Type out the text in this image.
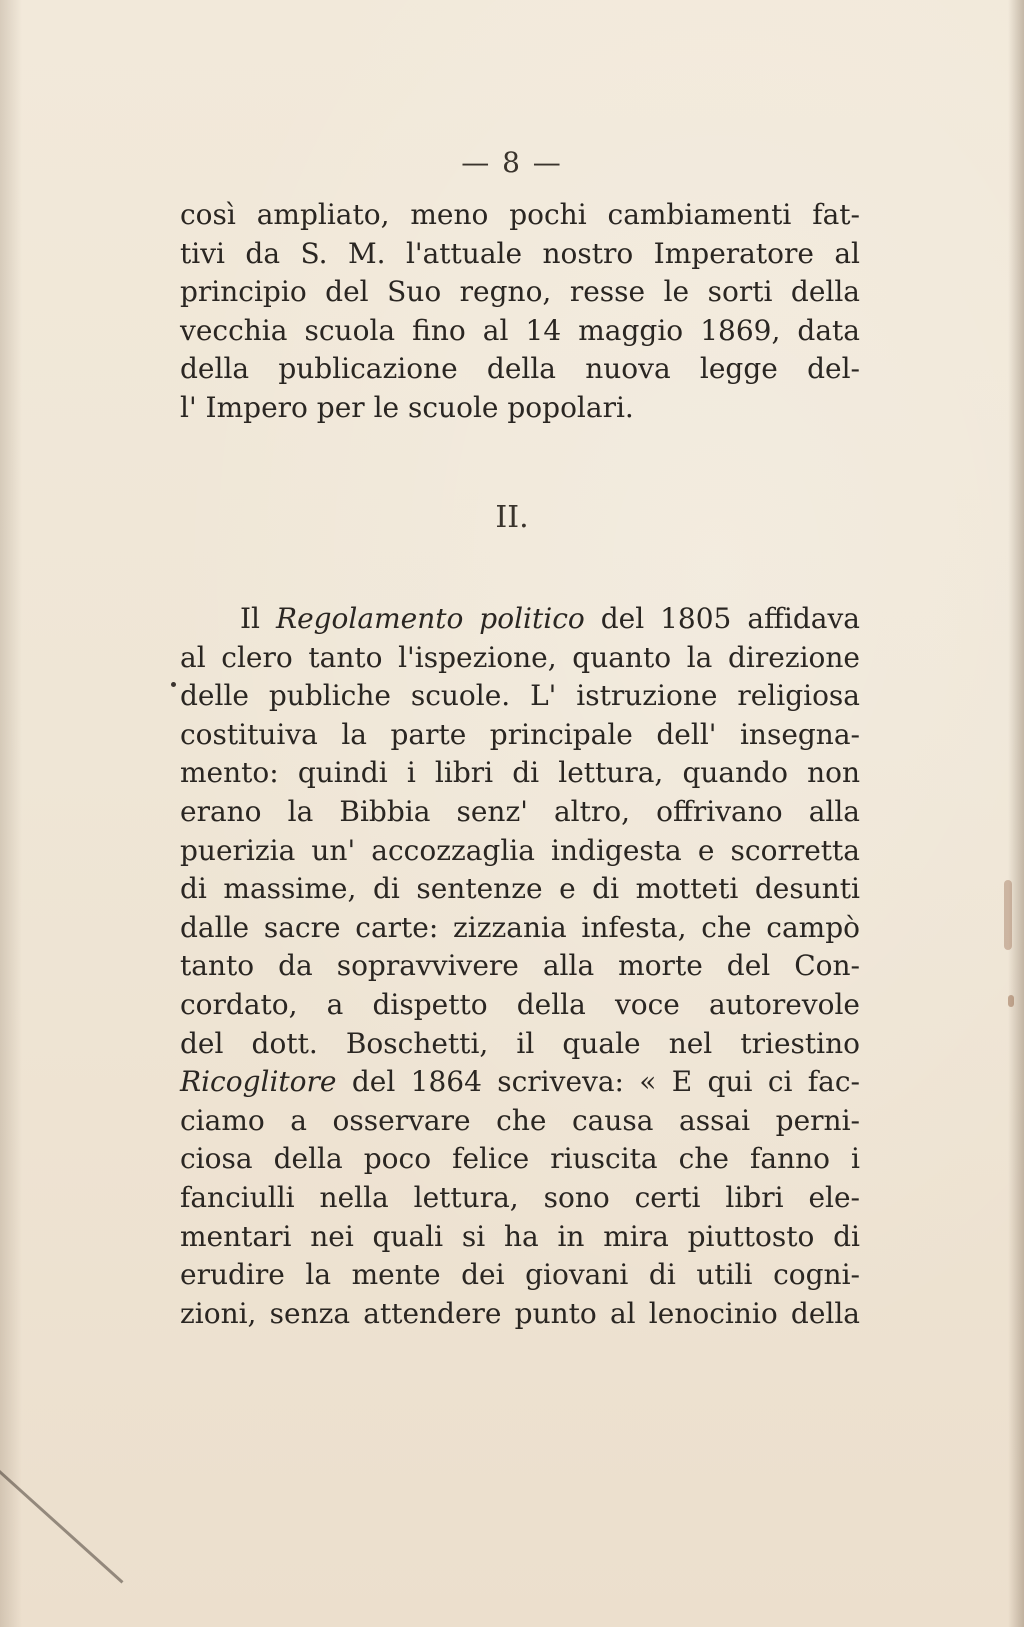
— 8 —
così ampliato, meno pochi cambiamenti fat-
tivi da S. M. l'attuale nostro Imperatore al
principio del Suo regno, resse le sorti della
vecchia scuola fino al 14 maggio 1869, data
della publicazione della nuova legge del-
l' Impero per le scuole popolari.
II.
Il Regolamento politico del 1805 affidava
al clero tanto l'ispezione, quanto la direzione
delle publiche scuole. L' istruzione religiosa
costituiva la parte principale dell' insegna-
mento: quindi i libri di lettura, quando non
erano la Bibbia senz' altro, offrivano alla
puerizia un' accozzaglia indigesta e scorretta
di massime, di sentenze e di motteti desunti
dalle sacre carte: zizzania infesta, che campò
tanto da sopravvivere alla morte del Con-
cordato, a dispetto della voce autorevole
del dott. Boschetti, il quale nel triestino
Ricoglitore del 1864 scriveva: « E qui ci fac-
ciamo a osservare che causa assai perni-
ciosa della poco felice riuscita che fanno i
fanciulli nella lettura, sono certi libri ele-
mentari nei quali si ha in mira piuttosto di
erudire la mente dei giovani di utili cogni-
zioni, senza attendere punto al lenocinio della
